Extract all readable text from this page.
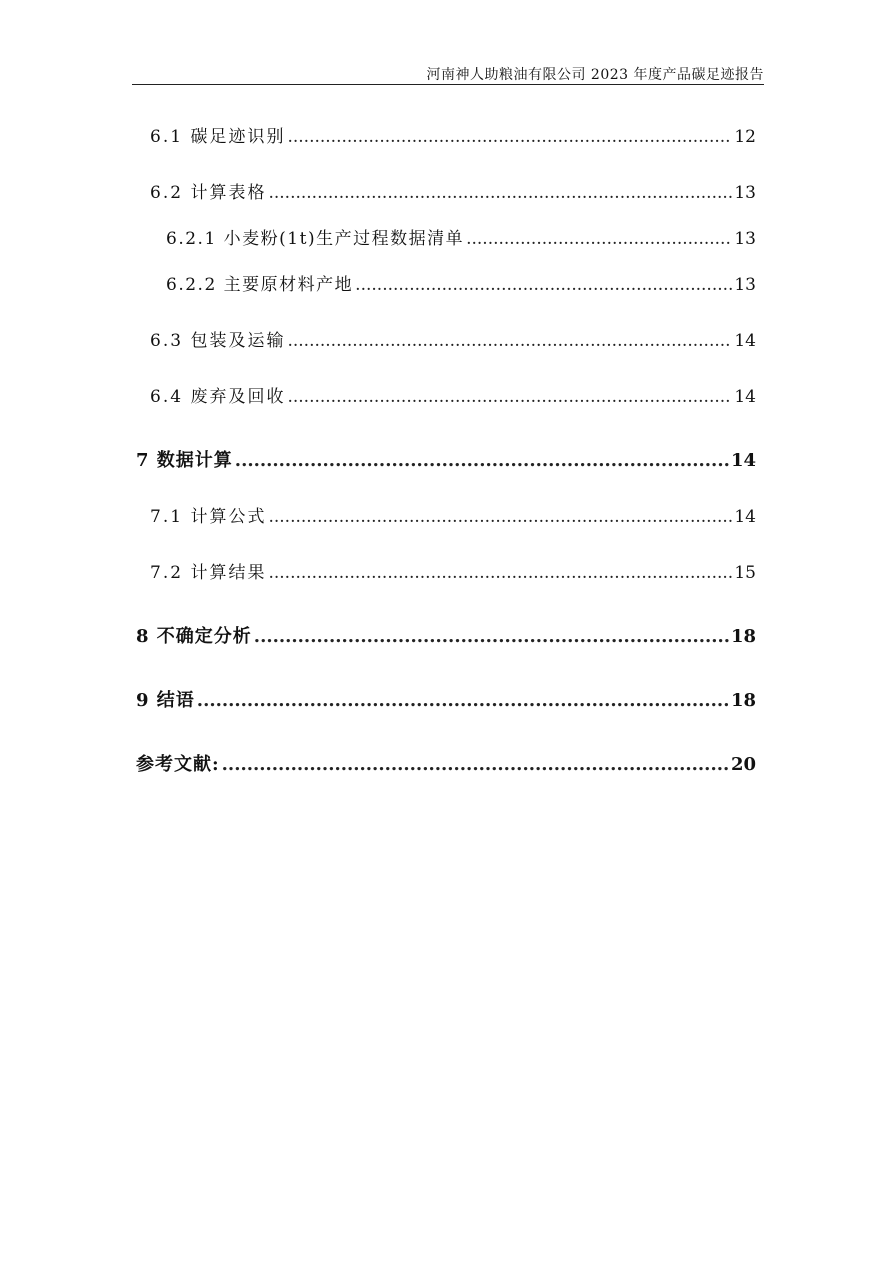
河南神人助粮油有限公司 2023 年度产品碳足迹报告
6.1 碳足迹识别 .....	12
6.2 计算表格 .....	13
6.2.1 小麦粉(1t)生产过程数据清单 .....	13
6.2.2 主要原材料产地 .....	13
6.3 包装及运输 .....	14
6.4 废弃及回收 .....	14
7 数据计算 .....	14
7.1 计算公式 .....	14
7.2 计算结果 .....	15
8 不确定分析 .....	18
9 结语 .....	18
参考文献: .....	20
